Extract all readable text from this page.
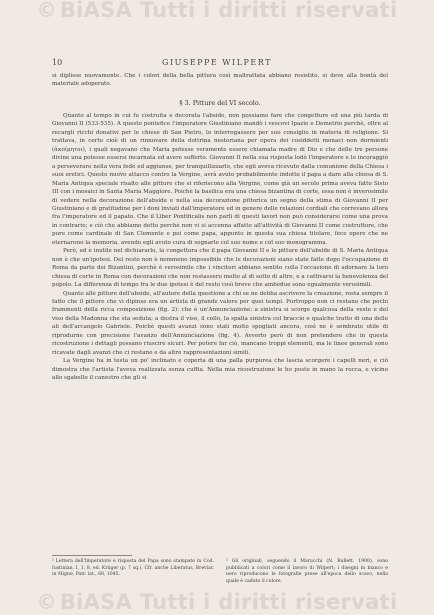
© BiASA Tutti i diritti riservati
10	GIUSEPPE WILPERT

si diplisse nuovamente. Che i colori della bella pittura così maltrattata abbiano resistito, si deve alla bontà del materiale adoperato.

§ 3. Pitture del VI secolo.

Quanto al tempo in cui fu costruita e decorata l'abside, non possiamo fare che congetture ed una più tarda di Giovanni II (533-535). A questo pontefice l'imperatore Giustiniano mandò i vescovi Ipazio e Demetrio perchè, oltre al recargli ricchi donativi per le chiese di San Pietro, lo interrogassero per suo consiglio in materia di religione. Si trattava, in certo cioè di un rinnovare della dottrina nestoriana per opera dei cosiddetti monaci non dormienti (ἀκοίμητοι), i quali negavano che Maria potesse veramente essere chiamata madre di Dio e che delle tre persone divine una potesse essersi incarnata ed avere sofferto. Giovanni II nella sua risposta lodò l'imperatore e lo incoraggiò a perseverare nella vera fede ed aggiunse, per tranquillizzarlo, che egli aveva ricevuto dalla comunione della Chiesa i suoi eretici. Questo nuovo attacco contro la Vergine, avrà avuto probabilmente indotto il papa a dare alla chiesa di S. Maria Antiqua speciale risalto alle pitture che si riferiscono alla Vergine, come già un secolo prima aveva fatto Sisto III con i mosaici in Santa Maria Maggiore. Poichè la basilica era una chiesa bizantina di corte, essa non è inverosimile di vedere nella decorazione dell'abside e nella sua decorazione pittorica un segno della stima di Giovanni II per Giustiniano e di gratitudine per i doni inviati dall'imperatore ed in genere delle relazioni cordiali che correvano allora fra l'imperatore ed il papato. Che il Liber Pontificalis non parli di questi lavori non può considerarsi come una prova in contrario; e ciò che abbiamo detto perchè non vi si accenna affatto all'attività di Giovanni II come costruttore, che pure come cardinale di San Clemente e poi come papa, appunto in questa sua chiesa titolare, fece opere che ne eternarono la memoria, avendo egli avuto cura di segnarle col suo nome e col suo monogramma.

Però, ed è inutile nel dichiararlo, la congettura che il papa Giovanni II e le pitture dell'abside di S. Maria Antiqua non è che un'ipotesi. Del resto non è nemmeno impossibile che le decorazioni siano state fatte dopo l'occupazione di Roma da parte dei Bizantini, perchè è verosimile che i vincitori abbiano sentito colla l'occasione di adornare la loro chiesa di corte in Roma con decorazioni che non restassero molto al di sotto di altre, e a cattivarsi la benevolenza del popolo. La differenza di tempo fra le due ipotesi è del resto così breve che ambedue sono egualmente verosimili.

Quanto alle pitture dell'abside, all'autore della questione a chi se ne debba ascrivere la creazione, resta sempre il fatto che il pittore che vi dipinse era un artista di grande valore per quei tempi. Purtroppo non ci restano che pochi frammenti della ricca composizione (fig. 2): che è un'Annunciazione: a sinistra si scorge qualcosa della veste e del viso della Madonna che sta seduta; a destra il viso, il collo, la spalla sinistra col braccio e qualche tratto di una delle ali dell'arcangelo Gabriele. Poichè questi avanzi sono stati molto spogliati ancora, così ne è sembrato utile di riprodurne con precisione l'avanzo dell'Annunciazione (fig. 4). Avverto però di non pretendere che in questa ricostruzione i dettagli possano riuscire sicuri. Per potere far ciò, mancano troppi elementi, ma le linee generali sono ricavate dagli avanzi che ci restano e da altre rappresentazioni simili.

La Vergine ha in testa un po' inclinato e coperta di una palla purpurea che lascia scorgere i capelli neri, e ciò dimostra che l'artista l'aveva realizzata senza cuffia. Nella mia ricostruzione le ho posto in mano la rocca, e vicino allo sgabello il canestro che gli si

¹ Lettera dell'Imperatore e risposta del Papa sono stampate in Cod. Iustinian. I, 1, 8, ed. Krüger (p. 7 sq.). Cfr. anche Liberatus, Breviar. in Migne, Patr. lat., 68, 1045.
² Gli originali, seguendo il Marucchi (N. Bullett. 1900), sono pubblicati a colori come il lavoro di Wilpert; i disegni in bianco e nero riproducono le fotografie prese all'epoca dello scavo, nella quale è caduto il colore.
© BiASA Tutti i diritti riservati
